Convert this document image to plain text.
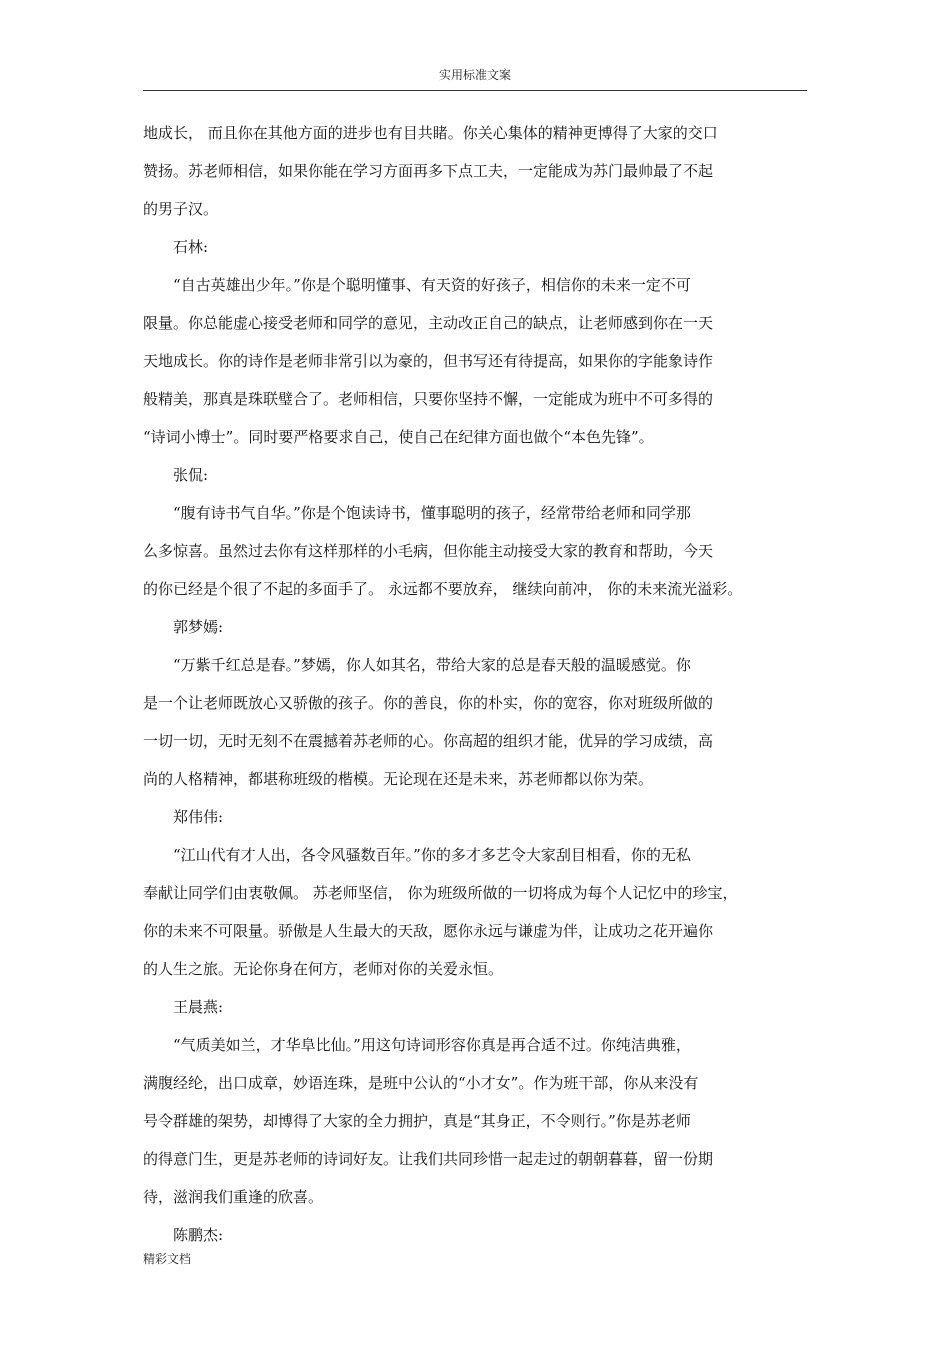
实用标准文案
地成长， 而且你在其他方面的进步也有目共睹。你关心集体的精神更博得了大家的交口
赞扬。苏老师相信，如果你能在学习方面再多下点工夫，一定能成为苏门最帅最了不起
的男子汉。
石林:
“自古英雄出少年。”你是个聪明懂事、有天资的好孩子，相信你的未来一定不可
限量。你总能虚心接受老师和同学的意见，主动改正自己的缺点，让老师感到你在一天
天地成长。你的诗作是老师非常引以为豪的，但书写还有待提高，如果你的字能象诗作
般精美，那真是珠联璧合了。老师相信，只要你坚持不懈，一定能成为班中不可多得的
“诗词小博士”。同时要严格要求自己，使自己在纪律方面也做个“本色先锋”。
张侃:
“腹有诗书气自华。”你是个饱读诗书，懂事聪明的孩子，经常带给老师和同学那
么多惊喜。虽然过去你有这样那样的小毛病，但你能主动接受大家的教育和帮助，今天
的你已经是个很了不起的多面手了。 永远都不要放弃， 继续向前冲， 你的未来流光溢彩。
郭梦嫣:
“万紫千红总是春。”梦嫣，你人如其名，带给大家的总是春天般的温暖感觉。你
是一个让老师既放心又骄傲的孩子。你的善良，你的朴实，你的宽容，你对班级所做的
一切一切，无时无刻不在震撼着苏老师的心。你高超的组织才能，优异的学习成绩，高
尚的人格精神，都堪称班级的楷模。无论现在还是未来，苏老师都以你为荣。
郑伟伟:
“江山代有才人出，各令风骚数百年。”你的多才多艺令大家刮目相看，你的无私
奉献让同学们由衷敬佩。 苏老师坚信， 你为班级所做的一切将成为每个人记忆中的珍宝，
你的未来不可限量。骄傲是人生最大的天敌，愿你永远与谦虚为伴，让成功之花开遍你
的人生之旅。无论你身在何方，老师对你的关爱永恒。
王晨燕:
“气质美如兰，才华阜比仙。”用这句诗词形容你真是再合适不过。你纯洁典雅，
满腹经纶，出口成章，妙语连珠，是班中公认的“小才女”。作为班干部，你从来没有
号令群雄的架势，却博得了大家的全力拥护，真是“其身正，不令则行。”你是苏老师
的得意门生，更是苏老师的诗词好友。让我们共同珍惜一起走过的朝朝暮暮，留一份期
待，滋润我们重逢的欣喜。
陈鹏杰:
精彩文档
